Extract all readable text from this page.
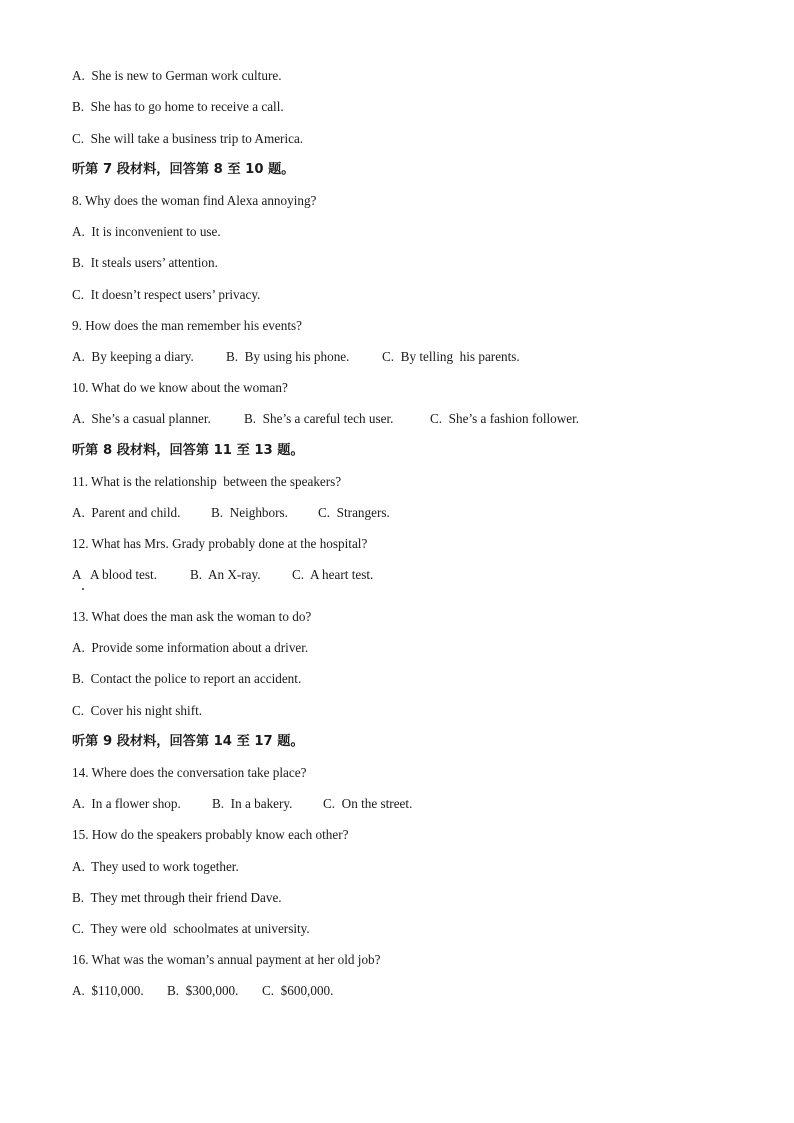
A.  She is new to German work culture.
B.  She has to go home to receive a call.
C.  She will take a business trip to America.
听第 7 段材料，回答第 8 至 10 题。
8. Why does the woman find Alexa annoying?
A.  It is inconvenient to use.
B.  It steals users’ attention.
C.  It doesn’t respect users’ privacy.
9. How does the man remember his events?
A.  By keeping a diary.	B.  By using his phone.	C.  By telling  his parents.
10. What do we know about the woman?
A.  She’s a casual planner.	B.  She’s a careful tech user.	C.  She’s a fashion follower.
听第 8 段材料，回答第 11 至 13 题。
11. What is the relationship  between the speakers?
A.  Parent and child.	B.  Neighbors.	C.  Strangers.
12. What has Mrs. Grady probably done at the hospital?
A   A blood test.	B.  An X-ray.	C.  A heart test.
13. What does the man ask the woman to do?
A.  Provide some information about a driver.
B.  Contact the police to report an accident.
C.  Cover his night shift.
听第 9 段材料，回答第 14 至 17 题。
14. Where does the conversation take place?
A.  In a flower shop.	B.  In a bakery.	C.  On the street.
15. How do the speakers probably know each other?
A.  They used to work together.
B.  They met through their friend Dave.
C.  They were old  schoolmates at university.
16. What was the woman’s annual payment at her old job?
A.  $110,000.	B.  $300,000.	C.  $600,000.
